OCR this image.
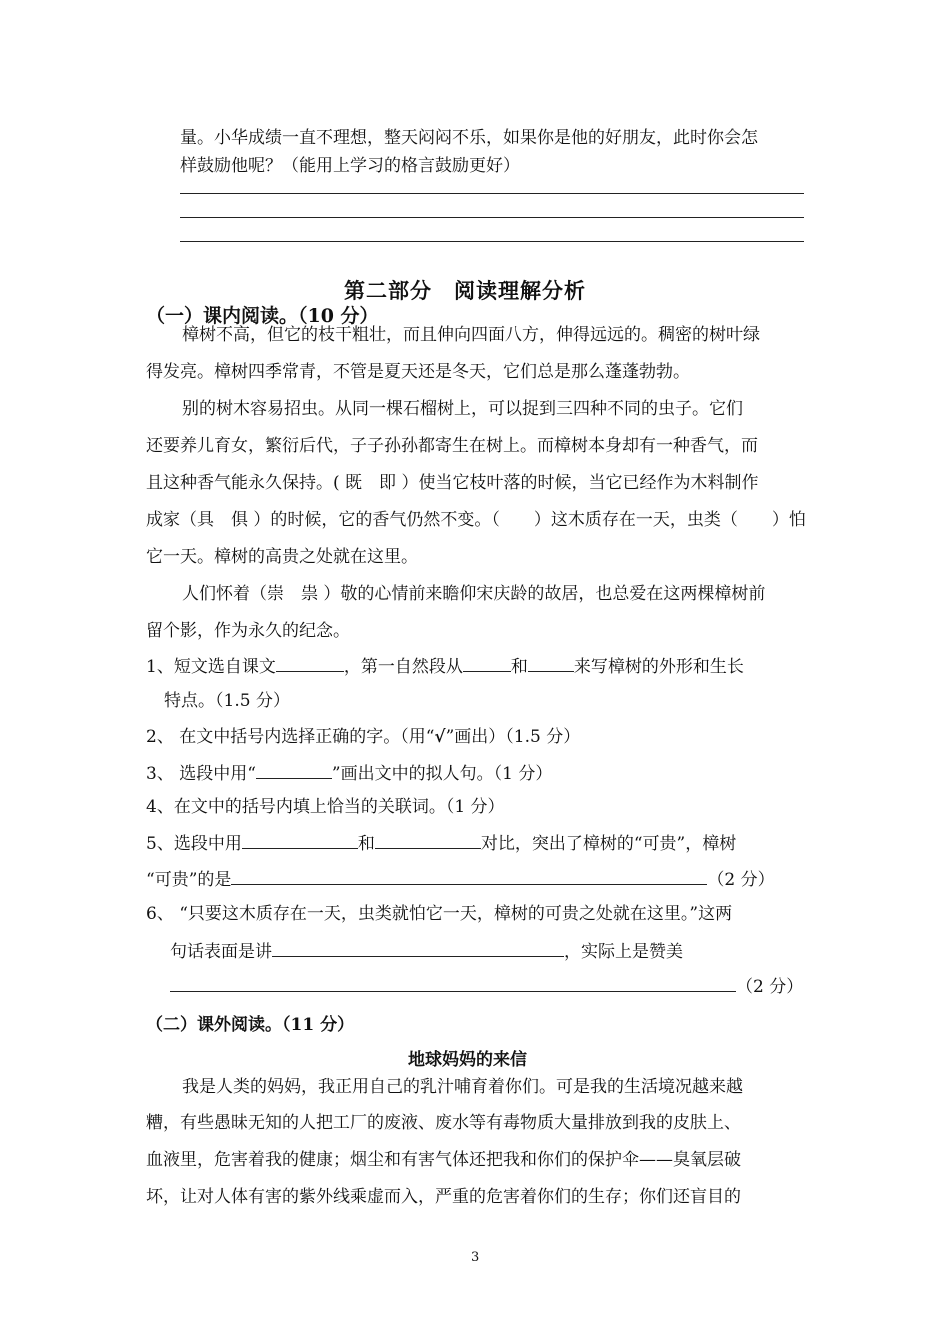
量。小华成绩一直不理想，整天闷闷不乐，如果你是他的好朋友，此时你会怎
样鼓励他呢？（能用上学习的格言鼓励更好）
第二部分　阅读理解分析
（一）课内阅读。（10 分）
樟树不高，但它的枝干粗壮，而且伸向四面八方，伸得远远的。稠密的树叶绿
得发亮。樟树四季常青，不管是夏天还是冬天，它们总是那么蓬蓬勃勃。
别的树木容易招虫。从同一棵石榴树上，可以捉到三四种不同的虫子。它们
还要养儿育女，繁衍后代，子子孙孙都寄生在树上。而樟树本身却有一种香气，而
且这种香气能永久保持。( 既　即 ）使当它枝叶落的时候，当它已经作为木料制作
成家（具　俱 ）的时候，它的香气仍然不变。（　　）这木质存在一天，虫类（　　）怕
它一天。樟树的高贵之处就在这里。
人们怀着（崇　祟 ）敬的心情前来瞻仰宋庆龄的故居，也总爱在这两棵樟树前
留个影，作为永久的纪念。
1、短文选自课文	，第一自然段从	和	来写樟树的外形和生长
特点。（1.5 分）
2、 在文中括号内选择正确的字。（用“√”画出）（1.5 分）
3、 选段中用“	”画出文中的拟人句。（1 分）
4、在文中的括号内填上恰当的关联词。（1 分）
5、选段中用	和	对比，突出了樟树的“可贵”，樟树
“可贵”的是	（2 分）
6、 “只要这木质存在一天，虫类就怕它一天，樟树的可贵之处就在这里。”这两
句话表面是讲	，实际上是赞美
（2 分）
（二）课外阅读。（11 分）
地球妈妈的来信
我是人类的妈妈，我正用自己的乳汁哺育着你们。可是我的生活境况越来越
糟，有些愚昧无知的人把工厂的废液、废水等有毒物质大量排放到我的皮肤上、
血液里，危害着我的健康；烟尘和有害气体还把我和你们的保护伞——臭氧层破
坏，让对人体有害的紫外线乘虚而入，严重的危害着你们的生存；你们还盲目的
3
